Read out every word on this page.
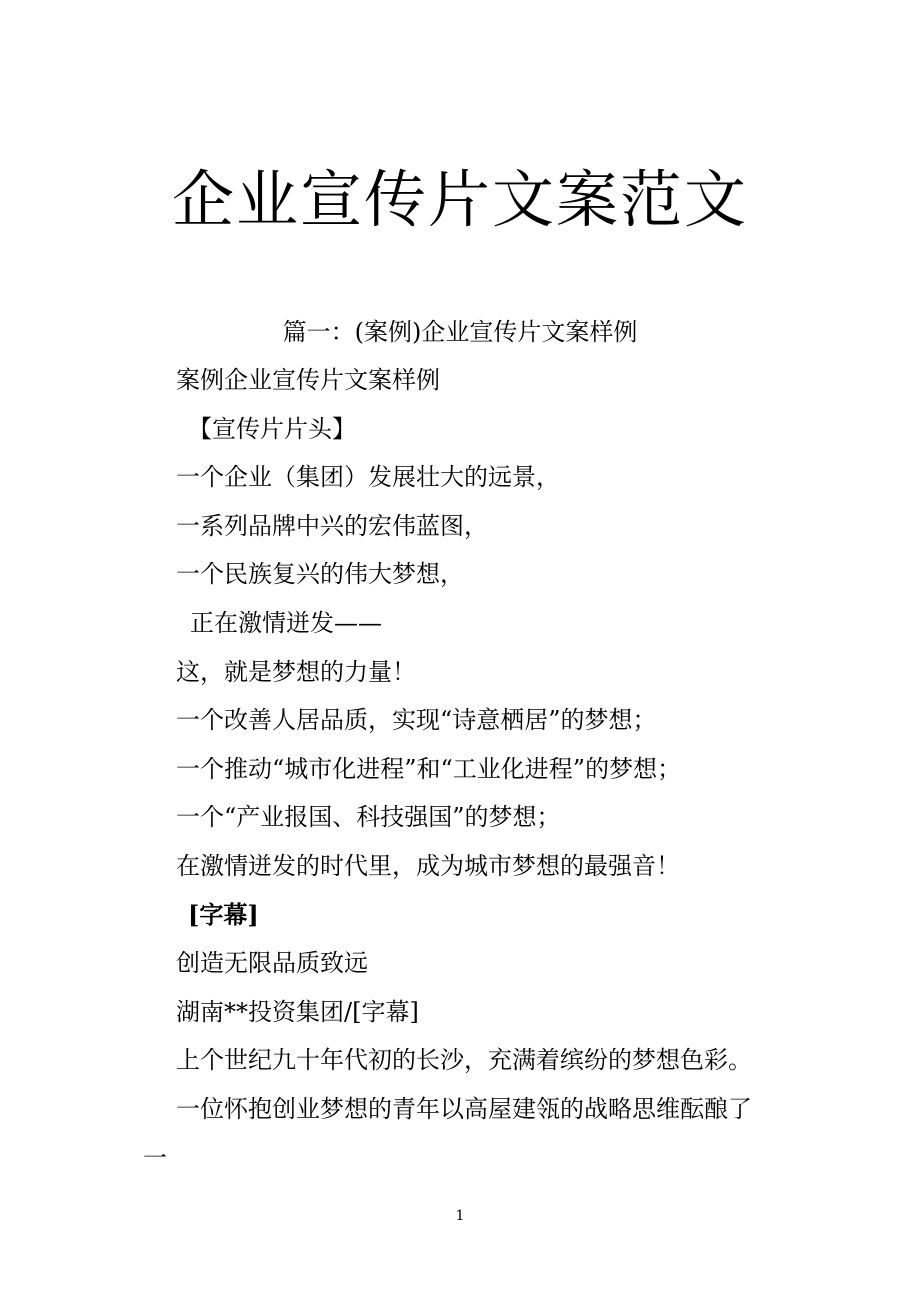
企业宣传片文案范文
篇一：(案例)企业宣传片文案样例
案例企业宣传片文案样例
【宣传片片头】
一个企业（集团）发展壮大的远景，
一系列品牌中兴的宏伟蓝图，
一个民族复兴的伟大梦想，
正在激情迸发——
这，就是梦想的力量！
一个改善人居品质，实现“诗意栖居”的梦想；
一个推动“城市化进程”和“工业化进程”的梦想；
一个“产业报国、科技强国”的梦想；
在激情迸发的时代里，成为城市梦想的最强音！
[字幕]
创造无限品质致远
湖南**投资集团/[字幕]
上个世纪九十年代初的长沙，充满着缤纷的梦想色彩。
一位怀抱创业梦想的青年以高屋建瓴的战略思维酝酿了
一
1
